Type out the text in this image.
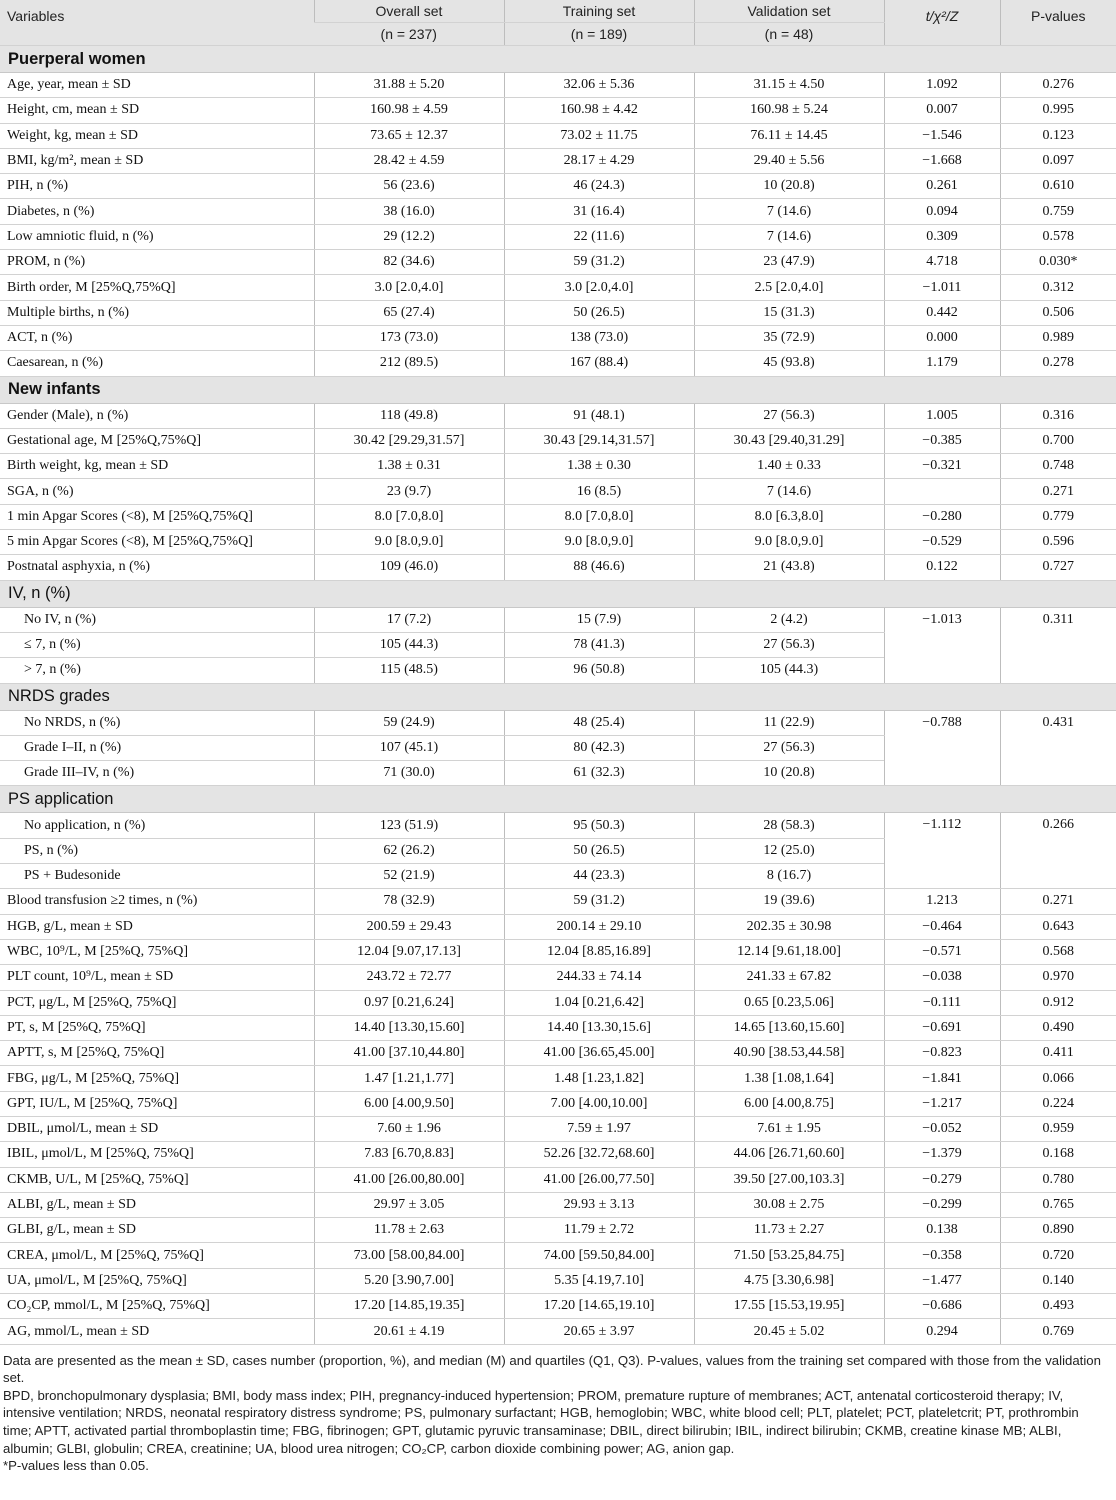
Variables	Overall set	Training set	Validation set	t/χ²/Z	P-values
	(n = 237)	(n = 189)	(n = 48)		
Puerperal women					
Age, year, mean ± SD	31.88 ± 5.20	32.06 ± 5.36	31.15 ± 4.50	1.092	0.276
Height, cm, mean ± SD	160.98 ± 4.59	160.98 ± 4.42	160.98 ± 5.24	0.007	0.995
Weight, kg, mean ± SD	73.65 ± 12.37	73.02 ± 11.75	76.11 ± 14.45	−1.546	0.123
BMI, kg/m², mean ± SD	28.42 ± 4.59	28.17 ± 4.29	29.40 ± 5.56	−1.668	0.097
PIH, n (%)	56 (23.6)	46 (24.3)	10 (20.8)	0.261	0.610
Diabetes, n (%)	38 (16.0)	31 (16.4)	7 (14.6)	0.094	0.759
Low amniotic fluid, n (%)	29 (12.2)	22 (11.6)	7 (14.6)	0.309	0.578
PROM, n (%)	82 (34.6)	59 (31.2)	23 (47.9)	4.718	0.030*
Birth order, M [25%Q,75%Q]	3.0 [2.0,4.0]	3.0 [2.0,4.0]	2.5 [2.0,4.0]	−1.011	0.312
Multiple births, n (%)	65 (27.4)	50 (26.5)	15 (31.3)	0.442	0.506
ACT, n (%)	173 (73.0)	138 (73.0)	35 (72.9)	0.000	0.989
Caesarean, n (%)	212 (89.5)	167 (88.4)	45 (93.8)	1.179	0.278
New infants					
Gender (Male), n (%)	118 (49.8)	91 (48.1)	27 (56.3)	1.005	0.316
Gestational age, M [25%Q,75%Q]	30.42 [29.29,31.57]	30.43 [29.14,31.57]	30.43 [29.40,31.29]	−0.385	0.700
Birth weight, kg, mean ± SD	1.38 ± 0.31	1.38 ± 0.30	1.40 ± 0.33	−0.321	0.748
SGA, n (%)	23 (9.7)	16 (8.5)	7 (14.6)		0.271
1 min Apgar Scores (<8), M [25%Q,75%Q]	8.0 [7.0,8.0]	8.0 [7.0,8.0]	8.0 [6.3,8.0]	−0.280	0.779
5 min Apgar Scores (<8), M [25%Q,75%Q]	9.0 [8.0,9.0]	9.0 [8.0,9.0]	9.0 [8.0,9.0]	−0.529	0.596
Postnatal asphyxia, n (%)	109 (46.0)	88 (46.6)	21 (43.8)	0.122	0.727
IV, n (%)					
No IV, n (%)	17 (7.2)	15 (7.9)	2 (4.2)	−1.013	0.311
≤ 7, n (%)	105 (44.3)	78 (41.3)	27 (56.3)		
> 7, n (%)	115 (48.5)	96 (50.8)	105 (44.3)		
NRDS grades					
No NRDS, n (%)	59 (24.9)	48 (25.4)	11 (22.9)	−0.788	0.431
Grade I–II, n (%)	107 (45.1)	80 (42.3)	27 (56.3)		
Grade III–IV, n (%)	71 (30.0)	61 (32.3)	10 (20.8)		
PS application					
No application, n (%)	123 (51.9)	95 (50.3)	28 (58.3)	−1.112	0.266
PS, n (%)	62 (26.2)	50 (26.5)	12 (25.0)		
PS + Budesonide	52 (21.9)	44 (23.3)	8 (16.7)		
Blood transfusion ≥2 times, n (%)	78 (32.9)	59 (31.2)	19 (39.6)	1.213	0.271
HGB, g/L, mean ± SD	200.59 ± 29.43	200.14 ± 29.10	202.35 ± 30.98	−0.464	0.643
WBC, 10⁹/L, M [25%Q, 75%Q]	12.04 [9.07,17.13]	12.04 [8.85,16.89]	12.14 [9.61,18.00]	−0.571	0.568
PLT count, 10⁹/L, mean ± SD	243.72 ± 72.77	244.33 ± 74.14	241.33 ± 67.82	−0.038	0.970
PCT, μg/L, M [25%Q, 75%Q]	0.97 [0.21,6.24]	1.04 [0.21,6.42]	0.65 [0.23,5.06]	−0.111	0.912
PT, s, M [25%Q, 75%Q]	14.40 [13.30,15.60]	14.40 [13.30,15.6]	14.65 [13.60,15.60]	−0.691	0.490
APTT, s, M [25%Q, 75%Q]	41.00 [37.10,44.80]	41.00 [36.65,45.00]	40.90 [38.53,44.58]	−0.823	0.411
FBG, μg/L, M [25%Q, 75%Q]	1.47 [1.21,1.77]	1.48 [1.23,1.82]	1.38 [1.08,1.64]	−1.841	0.066
GPT, IU/L, M [25%Q, 75%Q]	6.00 [4.00,9.50]	7.00 [4.00,10.00]	6.00 [4.00,8.75]	−1.217	0.224
DBIL, μmol/L, mean ± SD	7.60 ± 1.96	7.59 ± 1.97	7.61 ± 1.95	−0.052	0.959
IBIL, μmol/L, M [25%Q, 75%Q]	7.83 [6.70,8.83]	52.26 [32.72,68.60]	44.06 [26.71,60.60]	−1.379	0.168
CKMB, U/L, M [25%Q, 75%Q]	41.00 [26.00,80.00]	41.00 [26.00,77.50]	39.50 [27.00,103.3]	−0.279	0.780
ALBI, g/L, mean ± SD	29.97 ± 3.05	29.93 ± 3.13	30.08 ± 2.75	−0.299	0.765
GLBI, g/L, mean ± SD	11.78 ± 2.63	11.79 ± 2.72	11.73 ± 2.27	0.138	0.890
CREA, μmol/L, M [25%Q, 75%Q]	73.00 [58.00,84.00]	74.00 [59.50,84.00]	71.50 [53.25,84.75]	−0.358	0.720
UA, μmol/L, M [25%Q, 75%Q]	5.20 [3.90,7.00]	5.35 [4.19,7.10]	4.75 [3.30,6.98]	−1.477	0.140
CO₂CP, mmol/L, M [25%Q, 75%Q]	17.20 [14.85,19.35]	17.20 [14.65,19.10]	17.55 [15.53,19.95]	−0.686	0.493
AG, mmol/L, mean ± SD	20.61 ± 4.19	20.65 ± 3.97	20.45 ± 5.02	0.294	0.769

Data are presented as the mean ± SD, cases number (proportion, %), and median (M) and quartiles (Q1, Q3). P-values, values from the training set compared with those from the validation set.

BPD, bronchopulmonary dysplasia; BMI, body mass index; PIH, pregnancy-induced hypertension; PROM, premature rupture of membranes; ACT, antenatal corticosteroid therapy; IV, intensive ventilation; NRDS, neonatal respiratory distress syndrome; PS, pulmonary surfactant; HGB, hemoglobin; WBC, white blood cell; PLT, platelet; PCT, plateletcrit; PT, prothrombin time; APTT, activated partial thromboplastin time; FBG, fibrinogen; GPT, glutamic pyruvic transaminase; DBIL, direct bilirubin; IBIL, indirect bilirubin; CKMB, creatine kinase MB; ALBI, albumin; GLBI, globulin; CREA, creatinine; UA, blood urea nitrogen; CO₂CP, carbon dioxide combining power; AG, anion gap.

*P-values less than 0.05.
